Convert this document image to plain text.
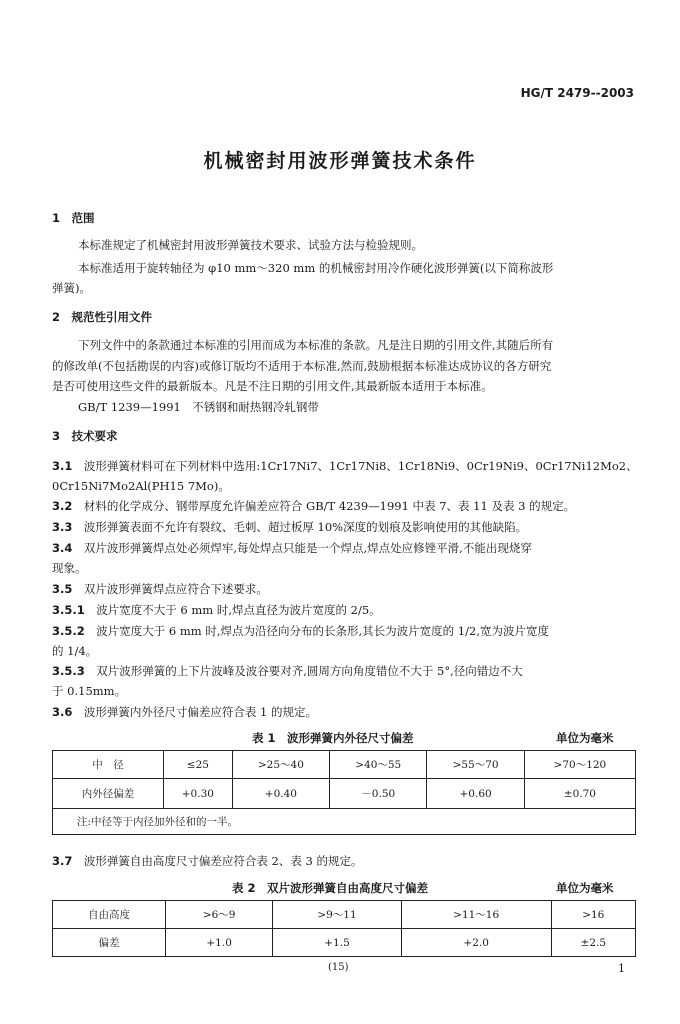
HG/T 2479--2003
机械密封用波形弹簧技术条件
1　 范围
本标准规定了机械密封用波形弹簧技术要求、试验方法与检验规则。
本标准适用于旋转轴径为 φ10 mm～320 mm 的机械密封用冷作硬化波形弹簧(以下简称波形
弹簧)。
2　 规范性引用文件
下列文件中的条款通过本标准的引用而成为本标准的条款。凡是注日期的引用文件,其随后所有
的修改单(不包括勘误的内容)或修订版均不适用于本标准,然而,鼓励根据本标准达成协议的各方研究
是否可使用这些文件的最新版本。凡是不注日期的引用文件,其最新版本适用于本标准。
GB/T 1239—1991　不锈钢和耐热钢冷轧钢带
3　 技术要求
3.1　 波形弹簧材料可在下列材料中选用:1Cr17Ni7、1Cr17Ni8、1Cr18Ni9、0Cr19Ni9、0Cr17Ni12Mo2、
0Cr15Ni7Mo2Al(PH15 7Mo)。
3.2　 材料的化学成分、钢带厚度允许偏差应符合 GB/T 4239—1991 中表 7、表 11 及表 3 的规定。
3.3　 波形弹簧表面不允许有裂纹、毛刺、超过板厚 10%深度的划痕及影响使用的其他缺陷。
3.4　 双片波形弹簧焊点处必须焊牢,每处焊点只能是一个焊点,焊点处应修锉平滑,不能出现烧穿
现象。
3.5　 双片波形弹簧焊点应符合下述要求。
3.5.1　 波片宽度不大于 6 mm 时,焊点直径为波片宽度的 2/5。
3.5.2　 波片宽度大于 6 mm 时,焊点为沿径向分布的长条形,其长为波片宽度的 1/2,宽为波片宽度
的 1/4。
3.5.3　 双片波形弹簧的上下片波峰及波谷要对齐,圆周方向角度错位不大于 5°,径向错边不大
于 0.15mm。
3.6　 波形弹簧内外径尺寸偏差应符合表 1 的规定。
表 1　波形弹簧内外径尺寸偏差	单位为毫米
中　径	≤25	>25～40	>40～55	>55～70	>70～120
内外径偏差	+0.30	+0.40	－0.50	+0.60	±0.70
注:中径等于内径加外径和的一半。					
3.7　 波形弹簧自由高度尺寸偏差应符合表 2、表 3 的规定。
表 2　双片波形弹簧自由高度尺寸偏差	单位为毫米
自由高度	>6～9	>9～11	>11～16	>16
偏差	+1.0	+1.5	+2.0	±2.5
(15)	1
